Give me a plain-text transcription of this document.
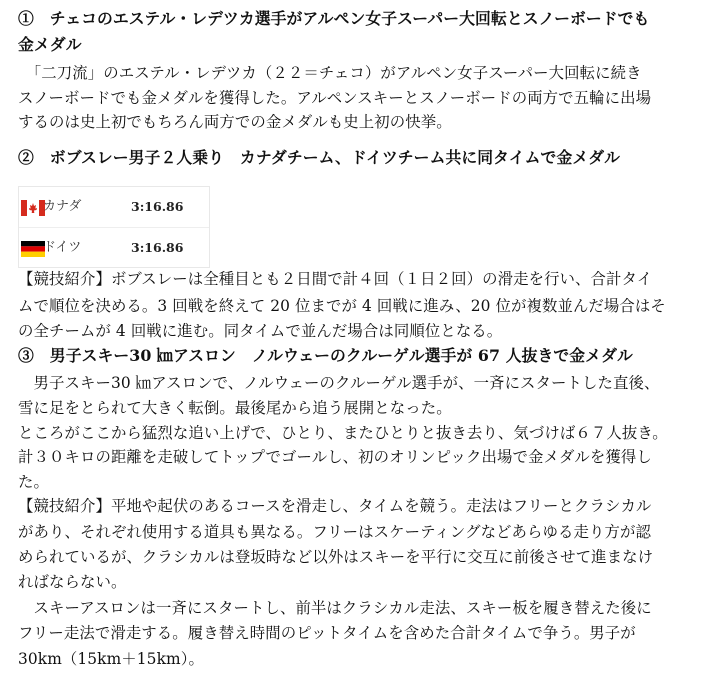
①　チェコのエステル・レデツカ選手がアルペン女子スーパー大回転とスノーボードでも
金メダル
　「二刀流」のエステル・レデツカ（２２＝チェコ）がアルペン女子スーパー大回転に続き
スノーボードでも金メダルを獲得した。アルペンスキーとスノーボードの両方で五輪に出場
するのは史上初でもちろん両方での金メダルも史上初の快挙。
②　ボブスレー男子２人乗り　カナダチーム、ドイツチーム共に同タイムで金メダル
カナダ	3:16.86
ドイツ	3:16.86
【競技紹介】ボブスレーは全種目とも２日間で計４回（１日２回）の滑走を行い、合計タイ
ムで順位を決める。3 回戦を終えて 20 位までが 4 回戦に進み、20 位が複数並んだ場合はそ
の全チームが 4 回戦に進む。同タイムで並んだ場合は同順位となる。
③　男子スキー30 ㎞アスロン　ノルウェーのクルーゲル選手が 67 人抜きで金メダル
　男子スキー30 ㎞アスロンで、ノルウェーのクルーゲル選手が、一斉にスタートした直後、
雪に足をとられて大きく転倒。最後尾から追う展開となった。
ところがここから猛烈な追い上げで、ひとり、またひとりと抜き去り、気づけば６７人抜き。
計３０キロの距離を走破してトップでゴールし、初のオリンピック出場で金メダルを獲得し
た。
【競技紹介】平地や起伏のあるコースを滑走し、タイムを競う。走法はフリーとクラシカル
があり、それぞれ使用する道具も異なる。フリーはスケーティングなどあらゆる走り方が認
められているが、クラシカルは登坂時など以外はスキーを平行に交互に前後させて進まなけ
ればならない。
　スキーアスロンは一斉にスタートし、前半はクラシカル走法、スキー板を履き替えた後に
フリー走法で滑走する。履き替え時間のピットタイムを含めた合計タイムで争う。男子が
30km（15km＋15km）。
